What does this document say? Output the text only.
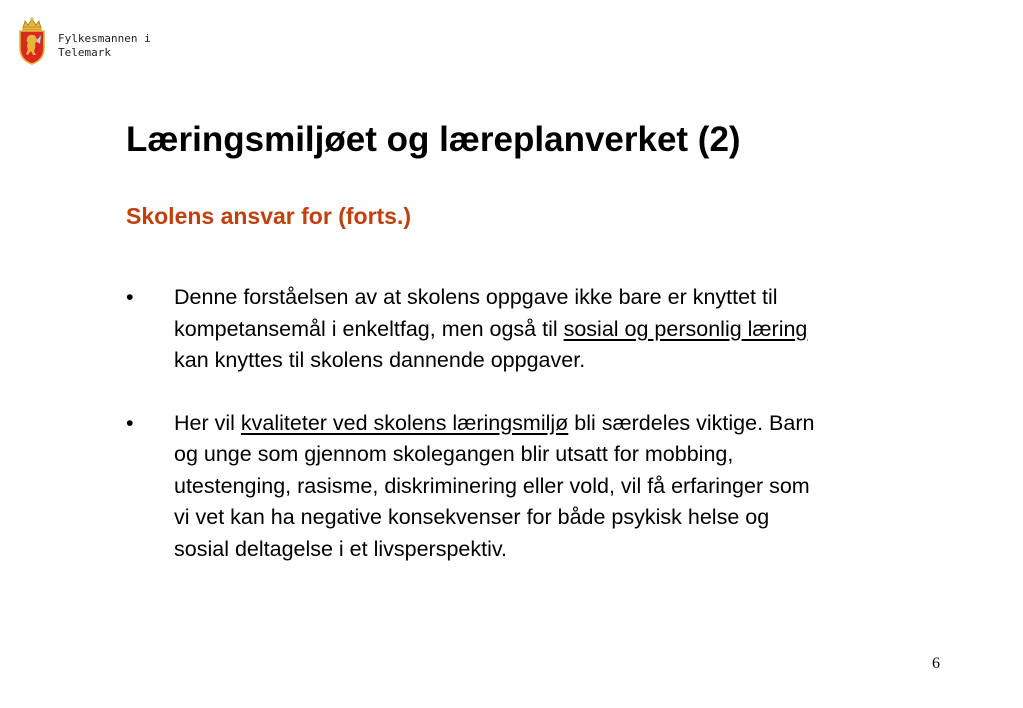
Fylkesmannen i
Telemark
Læringsmiljøet og læreplanverket (2)
Skolens ansvar for (forts.)
• Denne forståelsen av at skolens oppgave ikke bare er knyttet til
kompetansemål i enkeltfag, men også til sosial og personlig læring
kan knyttes til skolens dannende oppgaver.
• Her vil kvaliteter ved skolens læringsmiljø bli særdeles viktige. Barn
og unge som gjennom skolegangen blir utsatt for mobbing,
utestenging, rasisme, diskriminering eller vold, vil få erfaringer som
vi vet kan ha negative konsekvenser for både psykisk helse og
sosial deltagelse i et livsperspektiv.
6
